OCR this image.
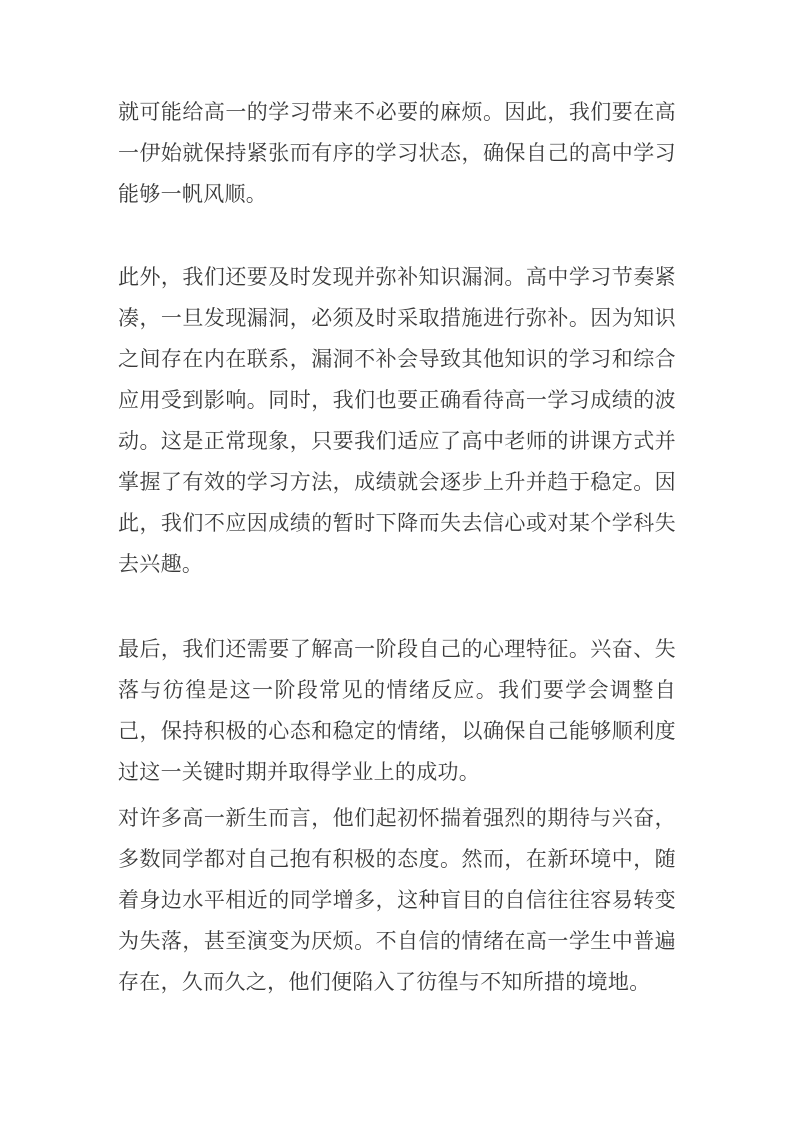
就可能给高一的学习带来不必要的麻烦。因此，我们要在高一伊始就保持紧张而有序的学习状态，确保自己的高中学习能够一帆风顺。

此外，我们还要及时发现并弥补知识漏洞。高中学习节奏紧凑，一旦发现漏洞，必须及时采取措施进行弥补。因为知识之间存在内在联系，漏洞不补会导致其他知识的学习和综合应用受到影响。同时，我们也要正确看待高一学习成绩的波动。这是正常现象，只要我们适应了高中老师的讲课方式并掌握了有效的学习方法，成绩就会逐步上升并趋于稳定。因此，我们不应因成绩的暂时下降而失去信心或对某个学科失去兴趣。

最后，我们还需要了解高一阶段自己的心理特征。兴奋、失落与彷徨是这一阶段常见的情绪反应。我们要学会调整自己，保持积极的心态和稳定的情绪，以确保自己能够顺利度过这一关键时期并取得学业上的成功。

对许多高一新生而言，他们起初怀揣着强烈的期待与兴奋，多数同学都对自己抱有积极的态度。然而，在新环境中，随着身边水平相近的同学增多，这种盲目的自信往往容易转变为失落，甚至演变为厌烦。不自信的情绪在高一学生中普遍存在，久而久之，他们便陷入了彷徨与不知所措的境地。
